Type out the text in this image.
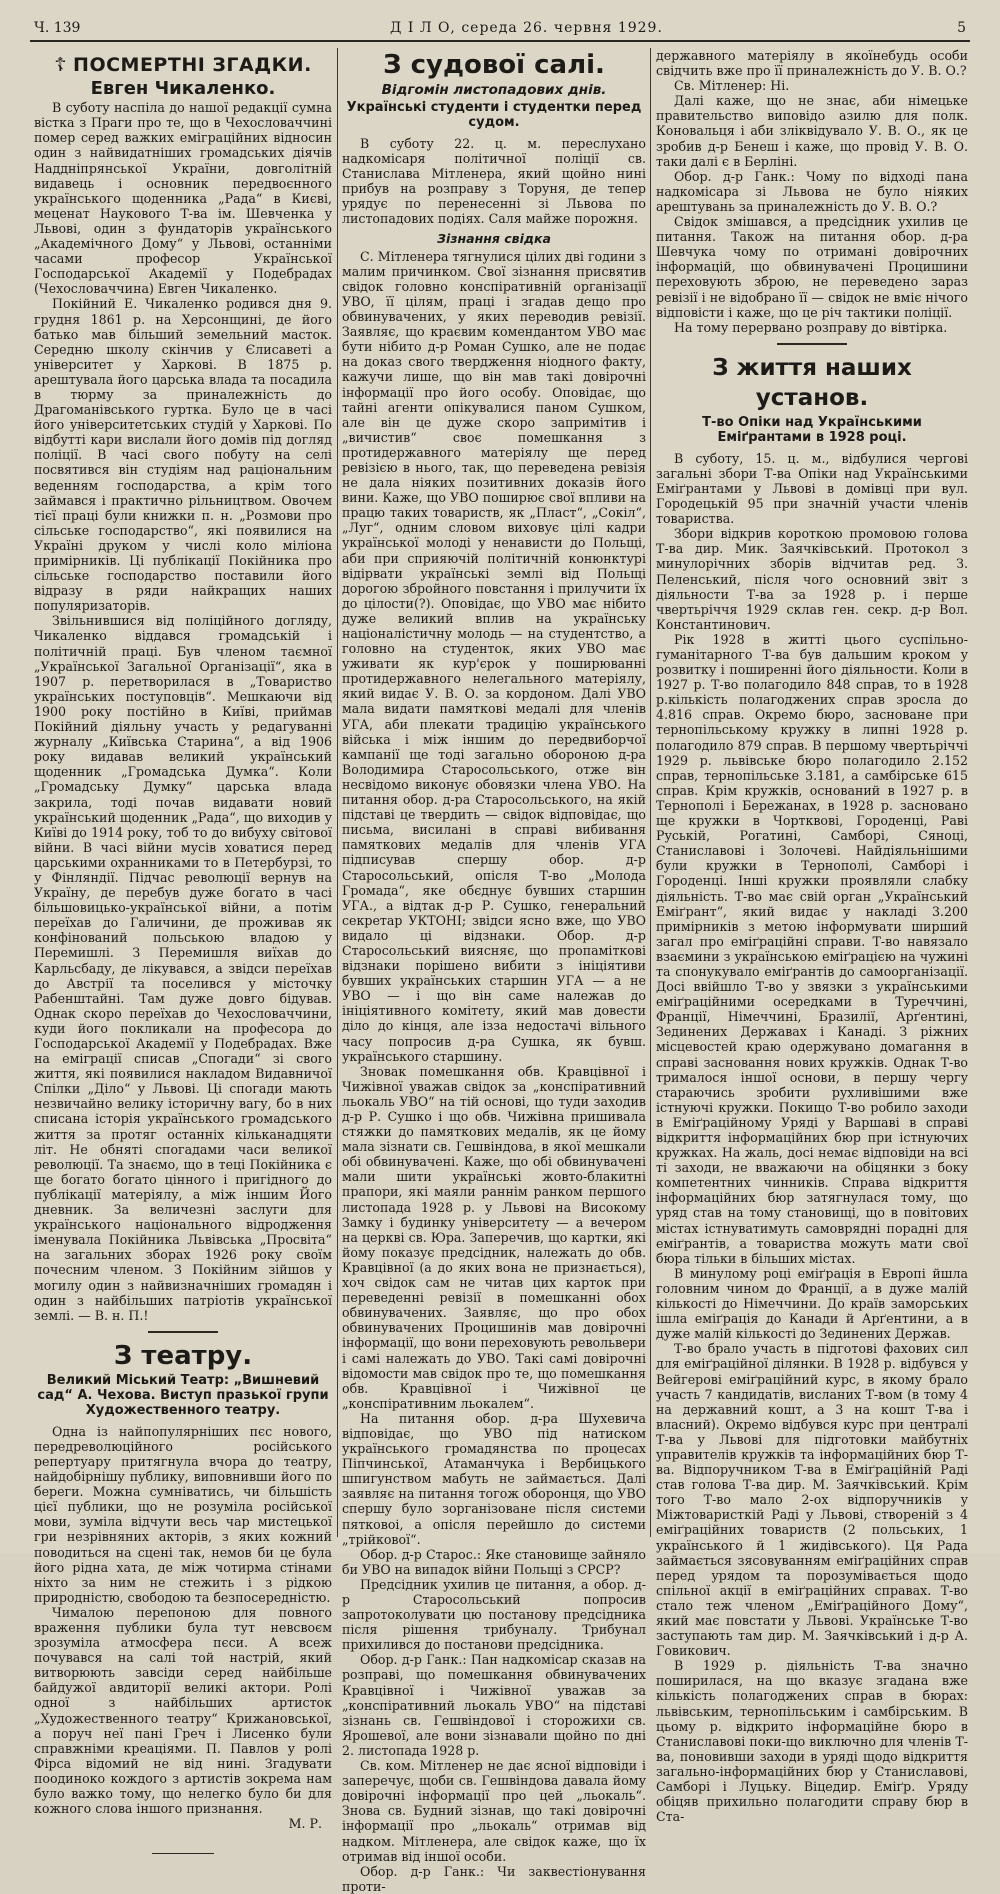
Ч. 139	Д І Л О, середа 26. червня 1929.	5
☦ ПОСМЕРТНІ ЗГАДКИ.
Евген Чикаленко.

В суботу наспіла до нашої редакції сумна вістка з Праги про те, що в Чехословаччині помер серед важких еміграційних відносин один з найвидатніших громадських діячів Наддніпрянської України, довголітній видавець і основник передвоєнного українського щоденника „Рада“ в Києві, меценат Наукового Т-ва ім. Шевченка у Львові, один з фундаторів українського „Академічного Дому“ у Львові, останніми часами професор Української Господарської Академії у Подебрадах (Чехословаччина) Евген Чикаленко.

Покійний Е. Чикаленко родився дня 9. грудня 1861 р. на Херсонщині, де його батько мав більший земельний масток. Середню школу скінчив у Єлисаветі а університет у Харкові. В 1875 р. арештувала його царська влада та посадила в тюрму за приналежність до Драгоманівського гуртка. Було це в часі його університетських студій у Харкові. По відбутті кари вислали його домів під догляд поліції. В часі свого побуту на селі посвятився він студіям над раціональним веденням господарства, а крім того займався і практично рільництвом. Овочем тієї праці були книжки п. н. „Розмови про сільське господарство“, які появилися на Україні друком у числі коло міліона примірників. Ці публікації Покійника про сільське господарство поставили його відразу в ряди найкращих наших популяризаторів.

Звільнившися від поліційного догляду, Чикаленко віддався громадській і політичній праці. Був членом таємної „Української Загальної Організації“, яка в 1907 р. перетворилася в „Товариство українських поступовців“. Мешкаючи від 1900 року постійно в Київі, приймав Покійний діяльну участь у редагуванні журналу „Київська Старина“, а від 1906 року видавав великий український щоденник „Громадська Думка“. Коли „Громадську Думку“ царська влада закрила, тоді почав видавати новий український щоденник „Рада“, що виходив у Київі до 1914 року, тоб то до вибуху світової війни. В часі війни мусів ховатися перед царськими охранниками то в Петербурзі, то у Фінляндії. Підчас революції вернув на Україну, де перебув дуже богато в часі більшовицько-української війни, а потім переїхав до Галичини, де проживав як конфінований польською владою у Перемишлі. З Перемишля виїхав до Карльсбаду, де лікувався, а звідси переїхав до Австрії та поселився у місточку Рабенштайні. Там дуже довго бідував. Однак скоро переїхав до Чехословаччини, куди його покликали на професора до Господарської Академії у Подебрадах. Вже на еміграції списав „Спогади“ зі свого життя, які появилися накладом Видавничої Спілки „Діло“ у Львові. Ці спогади мають незвичайно велику історичну вагу, бо в них списана історія українського громадського життя за протяг останніх кільканадцяти літ. Не обняті спогадами часи великої революції. Та знаємо, що в теці Покійника є ще богато богато цінного і пригідного до публікації матеріялу, а між іншим Його дневник. За величезні заслуги для українського національного відродження іменувала Покійника Львівська „Просвіта“ на загальних зборах 1926 року своїм почесним членом. З Покійним зійшов у могилу один з найвизначніших громадян і один з найбільших патріотів української землі. — В. н. П.!

З театру.
Великий Міський Театр: „Вишневий сад“ А. Чехова. Виступ празької групи Художественного театру.

Одна із найпопулярніших пєс нового, передреволюційного російського репертуару притягнула вчора до театру, найдобірнішу публику, виповнивши його по береги. Можна сумніватись, чи більшість цієї публики, що не розуміла російської мови, зуміла відчути весь чар мистецької гри незрівняних акторів, з яких кожний поводиться на сцені так, немов би це була його рідна хата, де між чотирма стінами ніхто за ним не стежить і з рідкою природністю, свободою та безпосередністю.

Чималою перепоною для повного враження публики була тут невсвоєм зрозуміла атмосфера пєси. А всеж почувався на салі той настрій, який витворюють завсіди серед найбільше байдужої авдиторії великі актори. Ролі одної з найбільших артисток „Художественного театру“ Крижановської, а поруч неї пані Греч і Лисенко були справжніми креаціями. П. Павлов у ролі Фірса відомий не від нині. Згадувати поодиноко кождого з артистів зокрема нам було важко тому, що нелегко було би для кожного слова іншого признання.

М. Р.
З судової салі.
Відгомін листопадових днів.
Українські студенти і студентки перед судом.

В суботу 22. ц. м. переслухано надкомісаря політичної поліції св. Станислава Мітленера, який щойно нині прибув на розправу з Торуня, де тепер урядує по перенесенні зі Львова по листопадових подіях. Саля майже порожня.

Зізнання свідка

С. Мітленера тягнулися цілих дві години з малим причинком. Свої зізнання присвятив свідок головно конспіративній організації УВО, її цілям, праці і згадав дещо про обвинувачених, у яких переводив ревізії. Заявляє, що краєвим комендантом УВО має бути нібито д-р Роман Сушко, але не подає на доказ свого твердження ніодного факту, кажучи лише, що він мав такі довірочні інформації про його особу. Оповідає, що тайні агенти опікувалися паном Сушком, але він це дуже скоро запримітив і „вичистив“ своє помешкання з протидержавного матеріялу ще перед ревізією в нього, так, що переведена ревізія не дала ніяких позитивних доказів його вини. Каже, що УВО поширює свої впливи на працю таких товариств, як „Пласт“, „Сокіл“, „Луг“, одним словом виховує цілі кадри української молоді у ненависти до Польщі, аби при сприяючій політичній конюнктурі відірвати українські землі від Польщі дорогою збройного повстання і прилучити їх до цілости(?). Оповідає, що УВО має нібито дуже великий вплив на українську націоналістичну молодь — на студентство, а головно на студенток, яких УВО має уживати як кур'єрок у поширюванні протидержавного нелегального матеріялу, який видає У. В. О. за кордоном. Далі УВО мала видати памяткові медалі для членів УГА, аби плекати традицію українського війська і між іншим до передвиборчої кампанії ще тоді загально обороною д-ра Володимира Старосольського, отже він несвідомо виконує обовязки члена УВО. На питання обор. д-ра Старосольського, на якій підставі це твердить — свідок відповідає, що письма, висилані в справі вибивання памяткових медалів для членів УГА підписував спершу обор. д-р Старосольський, опісля Т-во „Молода Громада“, яке обєднує бувших старшин УГА., а відтак д-р Р. Сушко, генеральний секретар УКТОНІ; звідси ясно вже, що УВО видало ці відзнаки. Обор. д-р Старосольський виясняє, що пропаміткові відзнаки порішено вибити з ініціятиви бувших українських старшин УГА — а не УВО — і що він саме належав до ініціятивного комітету, який мав довести діло до кінця, але ізза недостачі вільного часу попросив д-ра Сушка, як бувш. українського старшину.

Зновак помешкання обв. Кравцівної і Чижівної уважав свідок за „конспіративний льокаль УВО“ на тій основі, що туди заходив д-р Р. Сушко і що обв. Чижівна пришивала стяжки до памяткових медалів, як це йому мала зізнати св. Гешвіндова, в якої мешкали обі обвинувачені. Каже, що обі обвинувачені мали шити українські жовто-блакитні прапори, які маяли раннім ранком першого листопада 1928 р. у Львові на Високому Замку і будинку університету — а вечером на церкві св. Юра. Заперечив, що картки, які йому показує предсідник, належать до обв. Кравцівної (а до яких вона не признається), хоч свідок сам не читав цих карток при переведенні ревізії в помешканні обох обвинувачених. Заявляє, що про обох обвинувачених Процишинів мав довірочні інформації, що вони переховують револьвери і самі належать до УВО. Такі самі довірочні відомости мав свідок про те, що помешкання обв. Кравцівної і Чижівної це „конспіративним льокалем“.

На питання обор. д-ра Шухевича відповідає, що УВО під натиском українського громадянства по процесах Піпчинської, Атаманчука і Вербицького шпигунством мабуть не займається. Далі заявляє на питання тогож оборонця, що УВО спершу було зорганізоване після системи пятковоі, а опісля перейшло до системи „трійкової“.

Обор. д-р Старос.: Яке становище зайняло би УВО на випадок війни Польщі з СРСР?

Предсідник ухилив це питання, а обор. д-р Старосольський попросив запротоколувати цю постанову предсідника після рішення трибуналу. Трибунал прихилився до постанови предсідника.

Обор. д-р Ганк.: Пан надкомісар сказав на розправі, що помешкання обвинувачених Кравцівної і Чижівної уважав за „конспіративний льокаль УВО“ на підставі зізнань св. Гешвіндової і сторожихи св. Ярошевої, але вони зізнавали щойно по дні 2. листопада 1928 р.

Св. ком. Мітленер не дає ясної відповіди і заперечує, щоби св. Гешвіндова давала йому довірочні інформації про цей „льокаль“. Знова св. Будний зізнав, що такі довірочні інформації про „льокаль“ отримав від надком. Мітленера, але свідок каже, що їх отримав від іншої особи.

Обор. д-р Ганк.: Чи заквестіонування проти-

державного матеріялу в якоїнебудь особи свідчить вже про її приналежність до У. В. О.?

Св. Мітленер: Ні.

Далі каже, що не знає, аби німецьке правительство виповідо азилю для полк. Коновальця і аби зліквідувало У. В. О., як це зробив д-р Бенеш і каже, що провід У. В. О. таки далі є в Берліні.

Обор. д-р Ганк.: Чому по відході пана надкомісара зі Львова не було ніяких арештувань за приналежність до У. В. О.?

Свідок змішався, а предсідник ухилив це питання. Також на питання обор. д-ра Шевчука чому по отримані довірочних інформацій, що обвинувачені Процишини переховують зброю, не переведено зараз ревізії і не відобрано її — свідок не вміє нічого відповісти і каже, що це річ тактики поліції.

На тому перервано розправу до вівтірка.

З життя наших установ.
Т-во Опіки над Українськими Еміґрантами в 1928 році.

В суботу, 15. ц. м., відбулися чергові загальні збори Т-ва Опіки над Українськими Еміґрантами у Львові в домівці при вул. Городецькій 95 при значній участи членів товариства.

Збори відкрив короткою промовою голова Т-ва дир. Мик. Заячківський. Протокол з минулорічних зборів відчитав ред. З. Пеленський, після чого основний звіт з діяльности Т-ва за 1928 р. і перше чвертьріччя 1929 склав ген. секр. д-р Вол. Константинович.

Рік 1928 в житті цього суспільно-гуманітарного Т-ва був дальшим кроком у розвитку і поширенні його діяльности. Коли в 1927 р. Т-во полагодило 848 справ, то в 1928 р.кількість полагоджених справ зросла до 4.816 справ. Окремо бюро, засноване при тернопільському кружку в липні 1928 р. полагодило 879 справ. В першому чвертьріччі 1929 р. львівське бюро полагодило 2.152 справ, тернопільське 3.181, а самбірське 615 справ. Крім кружків, оснований в 1927 р. в Тернополі і Бережанах, в 1928 р. засновано ще кружки в Чортквові, Городенці, Раві Руській, Рогатині, Самборі, Сяноці, Станиславові і Золочеві. Найдіяльнішими були кружки в Тернополі, Самборі і Городенці. Інші кружки проявляли слабку діяльність. Т-во має свій орган „Український Еміґрант“, який видає у накладі 3.200 примірників з метою інформувати ширший загал про еміґраційні справи. Т-во навязало взаємини з українською еміґрацією на чужині та спонукувало еміґрантів до самоорганізації. Досі ввійшло Т-во у звязки з українськими еміґраційними осередками в Туреччині, Франції, Німеччині, Бразилії, Арґентині, Зединених Державах і Канаді. З ріжних місцевостей краю одержувано домагання в справі засновання нових кружків. Однак Т-во трималося іншої основи, в першу чергу стараючись зробити рухливішими вже істнуючі кружки. Покищо Т-во робило заходи в Еміґраційному Уряді у Варшаві в справі відкриття інформаційних бюр при істнуючих кружках. На жаль, досі немає відповіди на всі ті заходи, не вважаючи на обіцянки з боку компетентних чинників. Справа відкриття інформаційних бюр затягнулася тому, що уряд став на тому становищі, що в повітових містах істнуватимуть самоврядні порадні для еміґрантів, а товариства можуть мати свої бюра тільки в більших містах.

В минулому році еміґрація в Европі йшла головним чином до Франції, а в дуже малій кількості до Німеччини. До країв заморських ішла еміґрація до Канади й Арґентини, а в дуже малій кількості до Зединених Держав.

Т-во брало участь в підготові фахових сил для еміґраційної ділянки. В 1928 р. відбувся у Вейгерові еміґраційний курс, в якому брало участь 7 кандидатів, висланих Т-вом (в тому 4 на державний кошт, а 3 на кошт Т-ва і власний). Окремо відбувся курс при централі Т-ва у Львові для підготовки майбутніх управителів кружків та інформаційних бюр Т-ва. Відпоручником Т-ва в Еміґраційній Раді став голова Т-ва дир. М. Заячківський. Крім того Т-во мало 2-ох відпоручників у Міжтоваристкій Раді у Львові, створеній з 4 еміґраційних товариств (2 польських, 1 українського й 1 жидівського). Ця Рада займається зясовуванням еміґраційних справ перед урядом та порозумівається щодо спільної акції в еміґраційних справах. Т-во стало теж членом „Еміґраційного Дому“, який має повстати у Львові. Українське Т-во заступають там дир. М. Заячківський і д-р А. Говикович.

В 1929 р. діяльність Т-ва значно поширилася, на що вказує згадана вже кількість полагоджених справ в бюрах: львівським, тернопільським і самбірським. В цьому р. відкрито інформаційне бюро в Станиславові поки-що виключно для членів Т-ва, поновивши заходи в уряді щодо відкриття загально-інформаційних бюр у Станиславові, Самборі і Луцьку. Віцедир. Еміґр. Уряду обіцяв прихильно полагодити справу бюр в Ста-
